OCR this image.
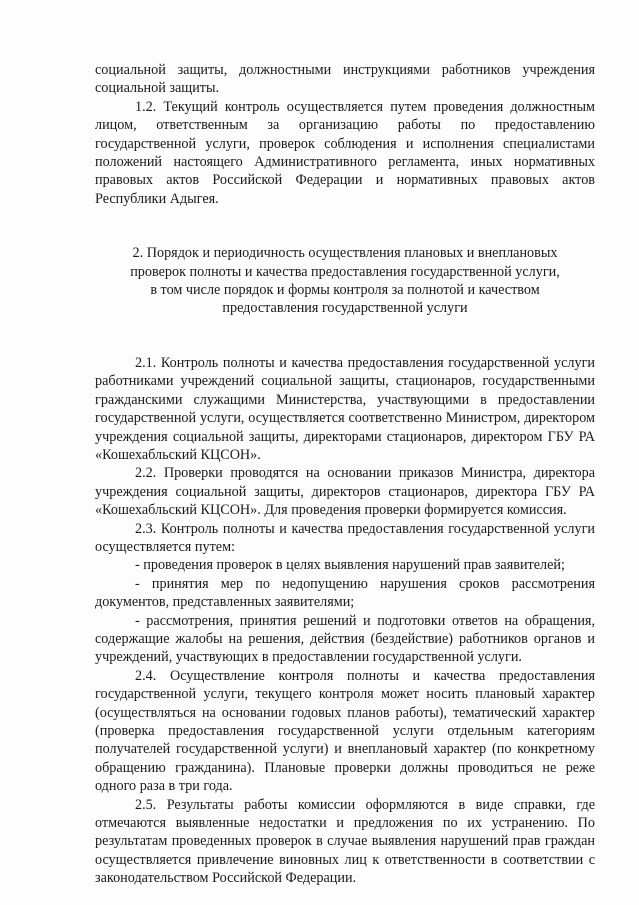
социальной защиты, должностными инструкциями работников учреждения социальной защиты.

1.2. Текущий контроль осуществляется путем проведения должностным лицом, ответственным за организацию работы по предоставлению государственной услуги, проверок соблюдения и исполнения специалистами положений настоящего Административного регламента, иных нормативных правовых актов Российской Федерации и нормативных правовых актов Республики Адыгея.

2. Порядок и периодичность осуществления плановых и внеплановых
проверок полноты и качества предоставления государственной услуги,
в том числе порядок и формы контроля за полнотой и качеством
предоставления государственной услуги

2.1. Контроль полноты и качества предоставления государственной услуги работниками учреждений социальной защиты, стационаров, государственными гражданскими служащими Министерства, участвующими в предоставлении государственной услуги, осуществляется соответственно Министром, директором учреждения социальной защиты, директорами стационаров, директором ГБУ РА «Кошехабльский КЦСОН».

2.2. Проверки проводятся на основании приказов Министра, директора учреждения социальной защиты, директоров стационаров, директора ГБУ РА «Кошехабльский КЦСОН». Для проведения проверки формируется комиссия.

2.3. Контроль полноты и качества предоставления государственной услуги осуществляется путем:

- проведения проверок в целях выявления нарушений прав заявителей;

- принятия мер по недопущению нарушения сроков рассмотрения документов, представленных заявителями;

- рассмотрения, принятия решений и подготовки ответов на обращения, содержащие жалобы на решения, действия (бездействие) работников органов и учреждений, участвующих в предоставлении государственной услуги.

2.4. Осуществление контроля полноты и качества предоставления государственной услуги, текущего контроля может носить плановый характер (осуществляться на основании годовых планов работы), тематический характер (проверка предоставления государственной услуги отдельным категориям получателей государственной услуги) и внеплановый характер (по конкретному обращению гражданина). Плановые проверки должны проводиться не реже одного раза в три года.

2.5. Результаты работы комиссии оформляются в виде справки, где отмечаются выявленные недостатки и предложения по их устранению. По результатам проведенных проверок в случае выявления нарушений прав граждан осуществляется привлечение виновных лиц к ответственности в соответствии с законодательством Российской Федерации.
